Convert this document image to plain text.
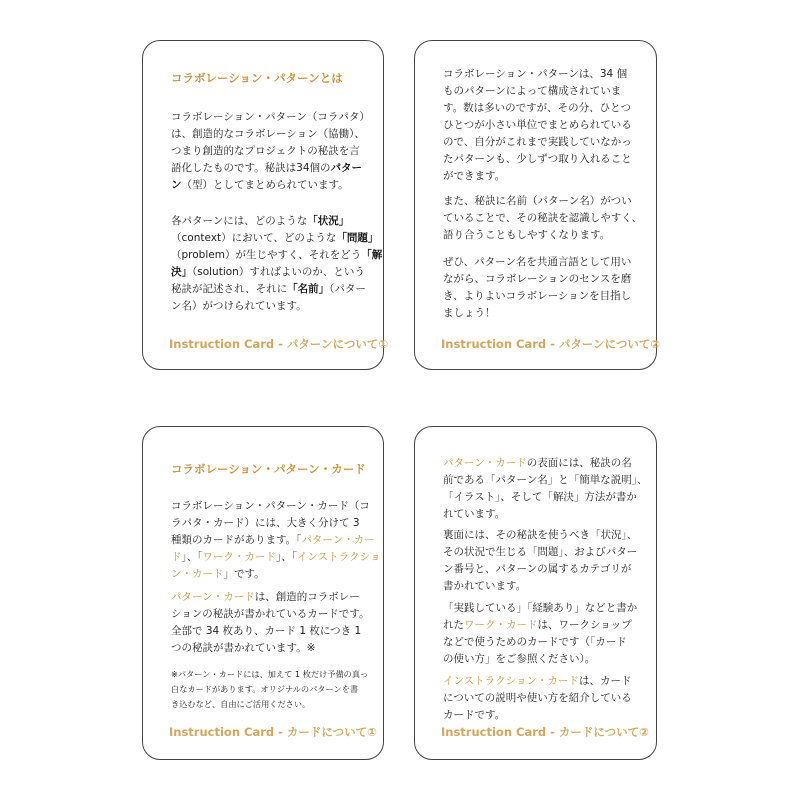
コラボレーション・パターンとは
コラボレーション・パターン（コラパタ）
は、創造的なコラボレーション（協働）、
つまり創造的なプロジェクトの秘訣を言
語化したものです。秘訣は34個のパター
ン（型）としてまとめられています。
各パターンには、どのような「状況」
（context）において、どのような「問題」
（problem）が生じやすく、それをどう「解
決」（solution）すればよいのか、という
秘訣が記述され、それに「名前」（パター
ン名）がつけられています。
Instruction Card - パターンについて①
コラボレーション・パターンは、34 個
ものパターンによって構成されていま
す。数は多いのですが、その分、ひとつ
ひとつが小さい単位でまとめられている
ので、自分がこれまで実践していなかっ
たパターンも、少しずつ取り入れること
ができます。
また、秘訣に名前（パターン名）がつい
ていることで、その秘訣を認識しやすく、
語り合うこともしやすくなります。
ぜひ、パターン名を共通言語として用い
ながら、コラボレーションのセンスを磨
き、よりよいコラボレーションを目指し
ましょう！
Instruction Card - パターンについて②
コラボレーション・パターン・カード
コラボレーション・パターン・カード（コ
ラパタ・カード）には、大きく分けて 3
種類のカードがあります。「パターン・カー
ド」、「ワーク・カード」、「インストラクショ
ン・カード」です。
パターン・カードは、創造的コラボレー
ションの秘訣が書かれているカードです。
全部で 34 枚あり、カード 1 枚につき 1
つの秘訣が書かれています。※
※パターン・カードには、加えて 1 枚だけ予備の真っ
白なカードがあります。オリジナルのパターンを書
き込むなど、自由にご活用ください。
Instruction Card - カードについて①
パターン・カードの表面には、秘訣の名
前である「パターン名」と「簡単な説明」、
「イラスト」、そして「解決」方法が書か
れています。
裏面には、その秘訣を使うべき「状況」、
その状況で生じる「問題」、およびパター
ン番号と、パターンの属するカテゴリが
書かれています。
「実践している」「経験あり」などと書か
れたワーク・カードは、ワークショップ
などで使うためのカードです（「カード
の使い方」をご参照ください）。
インストラクション・カードは、カード
についての説明や使い方を紹介している
カードです。
Instruction Card - カードについて②
